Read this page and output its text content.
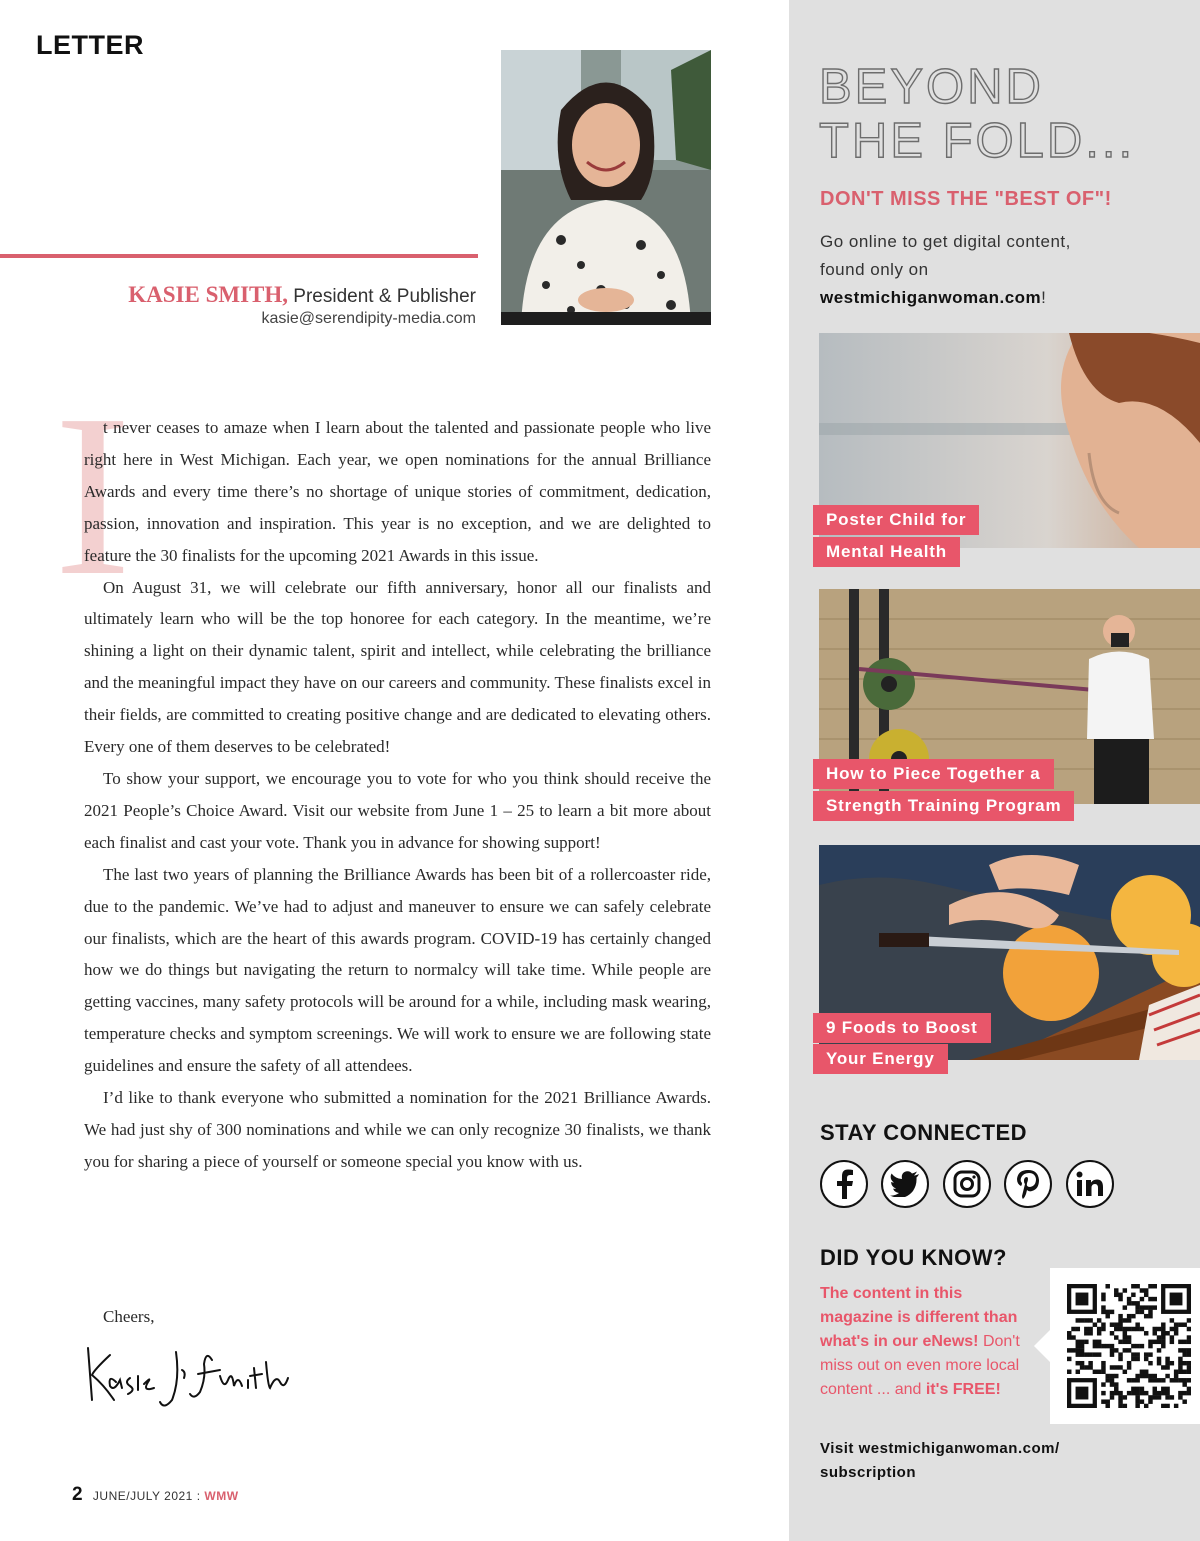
LETTER
KASIE SMITH, President & Publisher
kasie@serendipity-media.com
I

t never ceases to amaze when I learn about the talented and passionate people who live right here in West Michigan. Each year, we open nominations for the annual Brilliance Awards and every time there’s no shortage of unique stories of commitment, dedication, passion, innovation and inspiration. This year is no exception, and we are delighted to feature the 30 finalists for the upcoming 2021 Awards in this issue.

On August 31, we will celebrate our fifth anniversary, honor all our finalists and ultimately learn who will be the top honoree for each category. In the meantime, we’re shining a light on their dynamic talent, spirit and intellect, while celebrating the brilliance and the meaningful impact they have on our careers and community. These finalists excel in their fields, are committed to creating positive change and are dedicated to elevating others. Every one of them deserves to be celebrated!

To show your support, we encourage you to vote for who you think should receive the 2021 People’s Choice Award. Visit our website from June 1 – 25 to learn a bit more about each finalist and cast your vote. Thank you in advance for showing support!

The last two years of planning the Brilliance Awards has been bit of a rollercoaster ride, due to the pandemic. We’ve had to adjust and maneuver to ensure we can safely celebrate our finalists, which are the heart of this awards program. COVID-19 has certainly changed how we do things but navigating the return to normalcy will take time. While people are getting vaccines, many safety protocols will be around for a while, including mask wearing, temperature checks and symptom screenings. We will work to ensure we are following state guidelines and ensure the safety of all attendees.

I’d like to thank everyone who submitted a nomination for the 2021 Brilliance Awards. We had just shy of 300 nominations and while we can only recognize 30 finalists, we thank you for sharing a piece of yourself or someone special you know with us.

Cheers,
2 JUNE/JULY 2021 : WMW
BEYOND
THE FOLD...
DON'T MISS THE "BEST OF"!
Go online to get digital content, found only on westmichiganwoman.com!
Poster Child for
Mental Health
How to Piece Together a
Strength Training Program
9 Foods to Boost
Your Energy
STAY CONNECTED
DID YOU KNOW?
The content in this magazine is different than what's in our eNews! Don't miss out on even more local content ... and it's FREE!
Visit westmichiganwoman.com/ subscription
